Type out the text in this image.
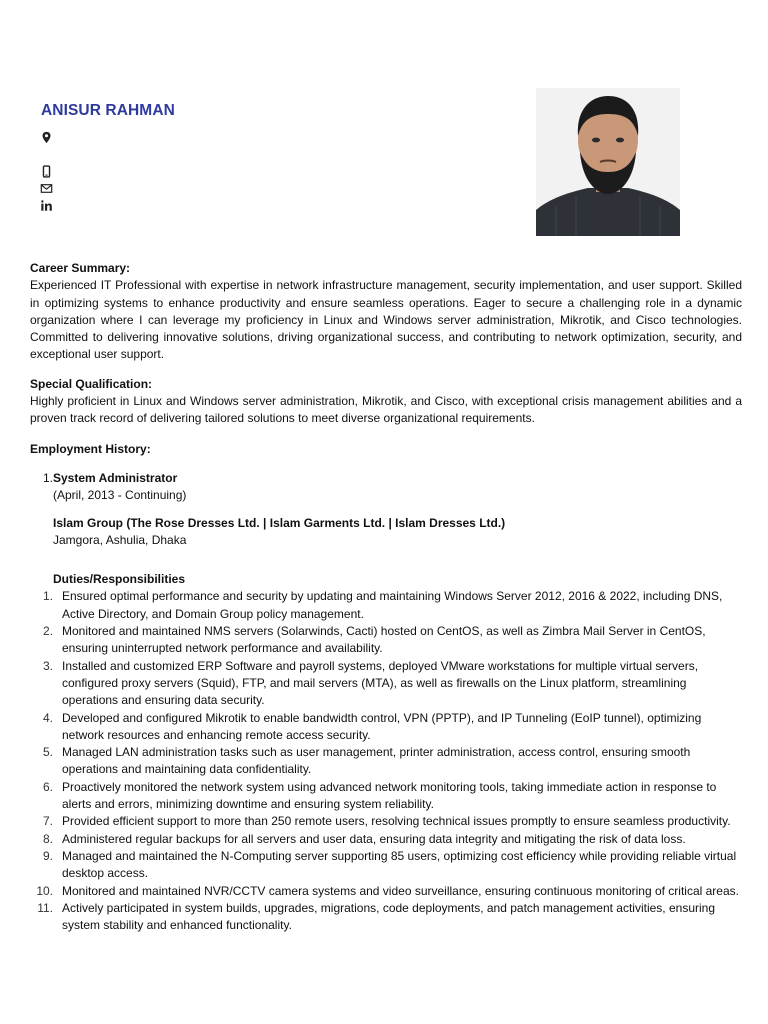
ANISUR RAHMAN

Career Summary:

Experienced IT Professional with expertise in network infrastructure management, security implementation, and user support. Skilled in optimizing systems to enhance productivity and ensure seamless operations. Eager to secure a challenging role in a dynamic organization where I can leverage my proficiency in Linux and Windows server administration, Mikrotik, and Cisco technologies. Committed to delivering innovative solutions, driving organizational success, and contributing to network optimization, security, and exceptional user support.

Special Qualification:

Highly proficient in Linux and Windows server administration, Mikrotik, and Cisco, with exceptional crisis management abilities and a proven track record of delivering tailored solutions to meet diverse organizational requirements.

Employment History:

1. System Administrator
(April, 2013 - Continuing)
Islam Group (The Rose Dresses Ltd. | Islam Garments Ltd. | Islam Dresses Ltd.)
Jamgora, Ashulia, Dhaka
Duties/Responsibilities
1. Ensured optimal performance and security by updating and maintaining Windows Server 2012, 2016 & 2022, including DNS, Active Directory, and Domain Group policy management.
2. Monitored and maintained NMS servers (Solarwinds, Cacti) hosted on CentOS, as well as Zimbra Mail Server in CentOS, ensuring uninterrupted network performance and availability.
3. Installed and customized ERP Software and payroll systems, deployed VMware workstations for multiple virtual servers, configured proxy servers (Squid), FTP, and mail servers (MTA), as well as firewalls on the Linux platform, streamlining operations and ensuring data security.
4. Developed and configured Mikrotik to enable bandwidth control, VPN (PPTP), and IP Tunneling (EoIP tunnel), optimizing network resources and enhancing remote access security.
5. Managed LAN administration tasks such as user management, printer administration, access control, ensuring smooth operations and maintaining data confidentiality.
6. Proactively monitored the network system using advanced network monitoring tools, taking immediate action in response to alerts and errors, minimizing downtime and ensuring system reliability.
7. Provided efficient support to more than 250 remote users, resolving technical issues promptly to ensure seamless productivity.
8. Administered regular backups for all servers and user data, ensuring data integrity and mitigating the risk of data loss.
9. Managed and maintained the N-Computing server supporting 85 users, optimizing cost efficiency while providing reliable virtual desktop access.
10. Monitored and maintained NVR/CCTV camera systems and video surveillance, ensuring continuous monitoring of critical areas.
11. Actively participated in system builds, upgrades, migrations, code deployments, and patch management activities, ensuring system stability and enhanced functionality.
